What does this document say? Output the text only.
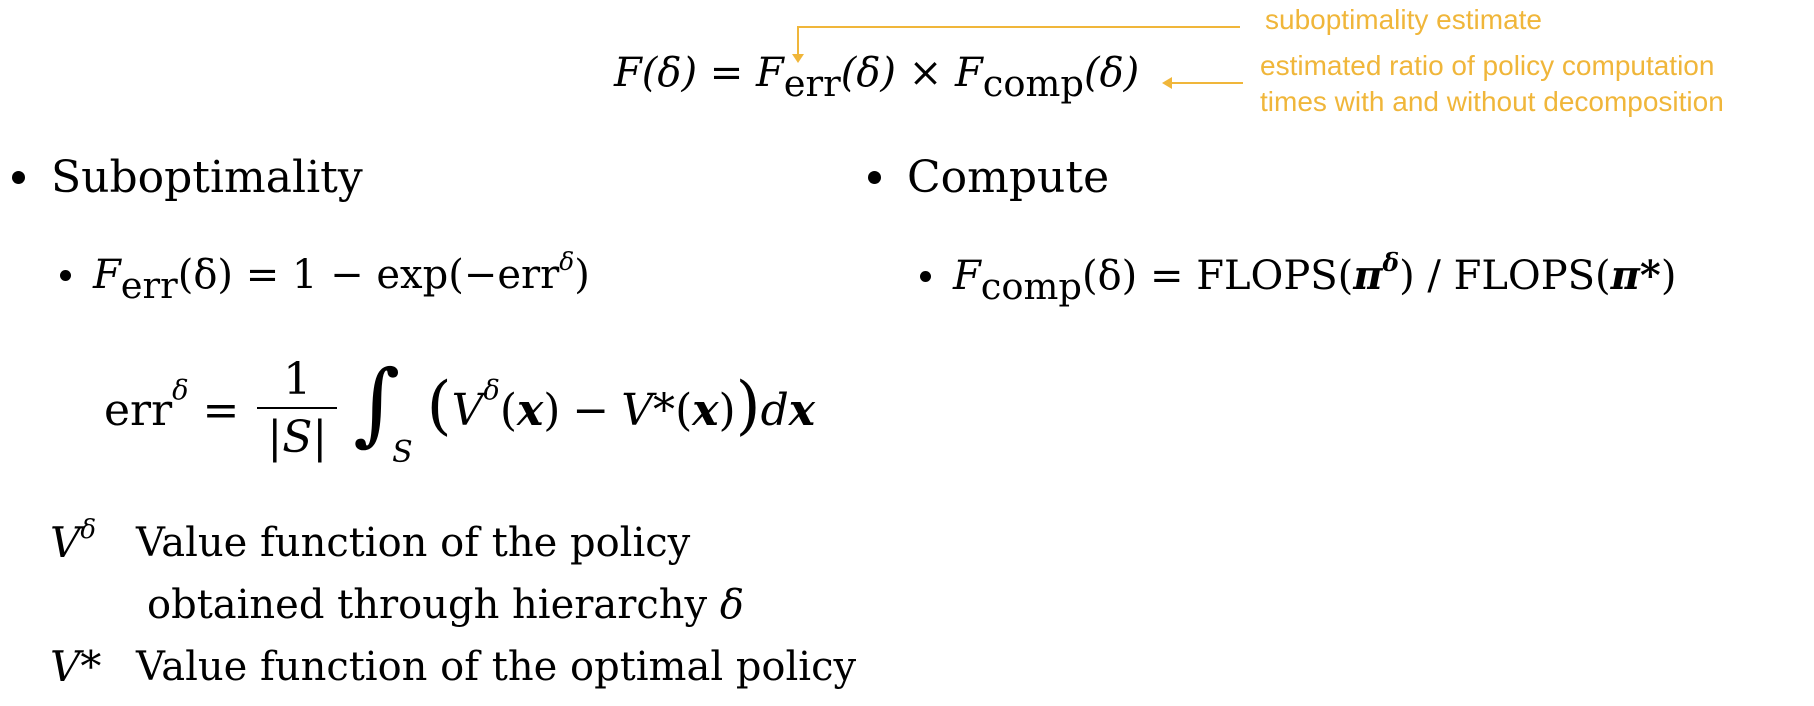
F(δ) = Ferr(δ) × Fcomp(δ)
suboptimality estimate
estimated ratio of policy computation
times with and without decomposition
Suboptimality	Compute
Ferr(δ) = 1 − exp(−err$^\delta$)	Fcomp(δ) = $FLOPS(\pi^\delta)$ / FLOPS(π*)
err $\delta = \frac{1}{|S|}$ ∫
S
( V δ ( x ) − V* ( x ) ) d x
$V^\delta$ Value function of the policy
obtained through hierarchy δ
V* Value function of the optimal policy
